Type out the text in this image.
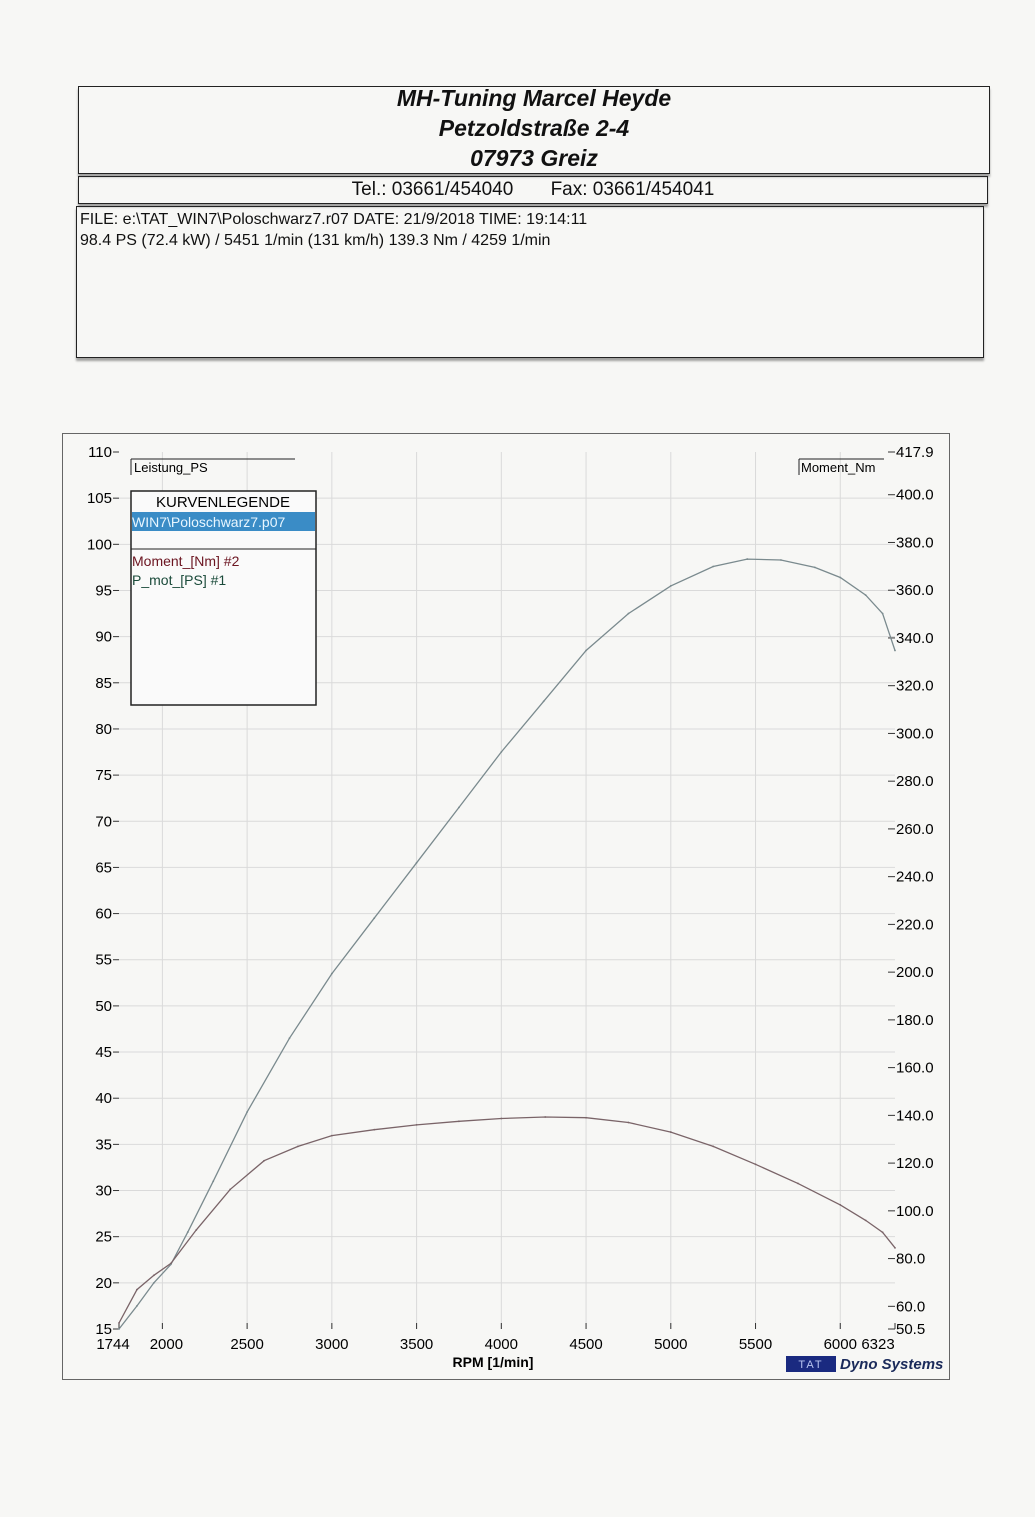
MH-Tuning Marcel Heyde

Petzoldstraße 2-4

07973 Greiz

Tel.: 03661/454040 Fax: 03661/454041
FILE: e:\TAT_WIN7\Poloschwarz7.r07 DATE: 21/9/2018 TIME: 19:14:11
98.4 PS (72.4 kW) / 5451 1/min (131 km/h) 139.3 Nm / 4259 1/min
15
20
25
30
35
40
45
50
55
60
65
70
75
80
85
90
95
100
105
110
50.5
60.0
80.0
100.0
120.0
140.0
160.0
180.0
200.0
220.0
240.0
260.0
280.0
300.0
320.0
340.0
360.0
380.0
400.0
417.9
1744 2000	2500	3000	3500	4000	4500	5000	5500	6000 6323
Leistung_PS	Moment_Nm
KURVENLEGENDE
WIN7\Poloschwarz7.p07
Moment_[Nm] #2
P_mot_[PS] #1
RPM [1/min]	TAT Dyno Systems
